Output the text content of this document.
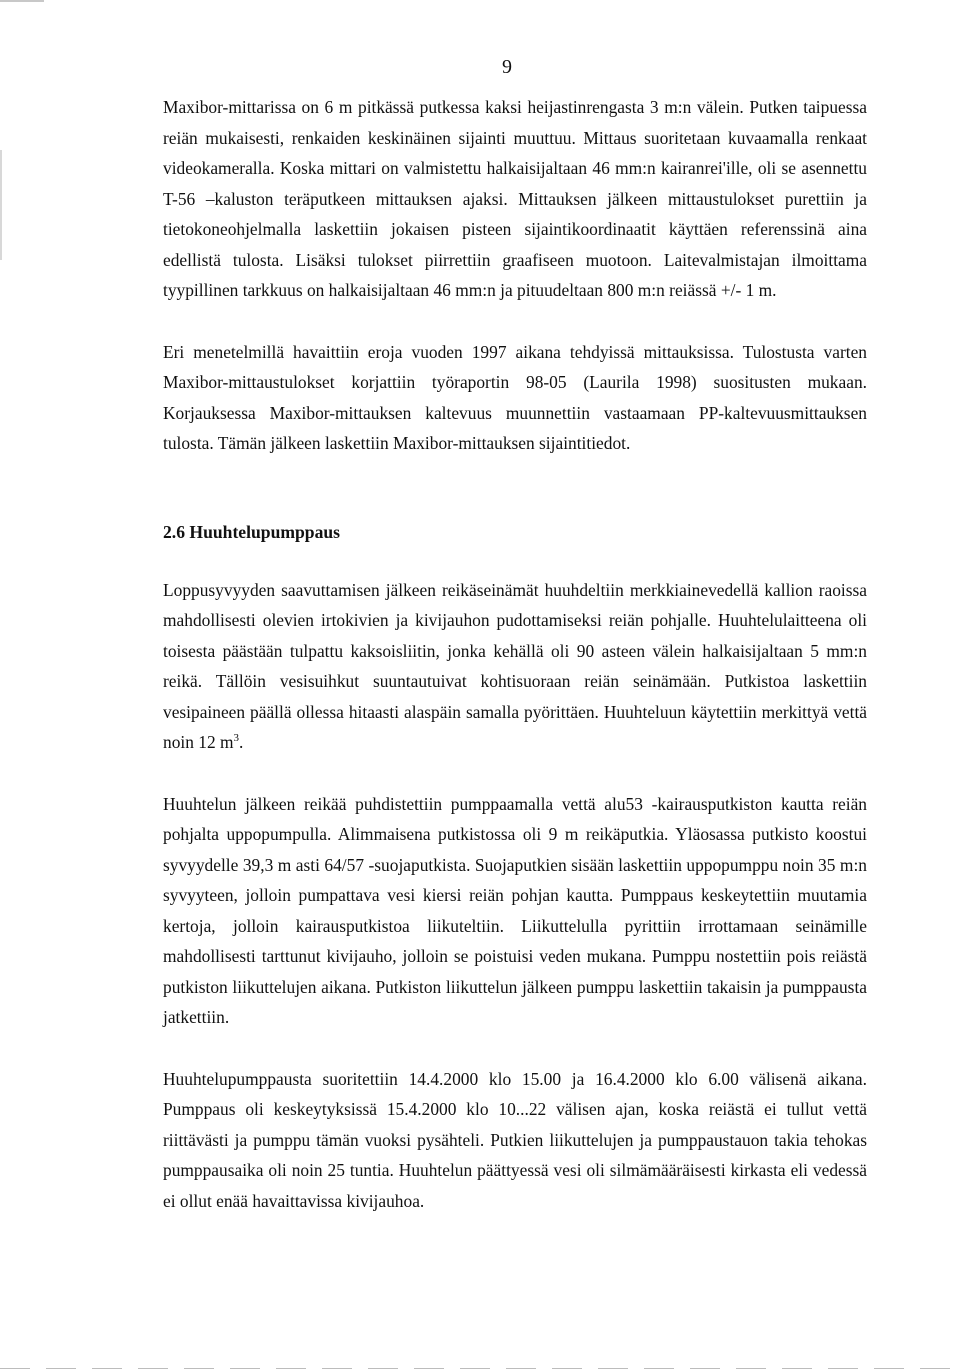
9

Maxibor-mittarissa on 6 m pitkässä putkessa kaksi heijastinrengasta 3 m:n välein. Putken taipuessa reiän mukaisesti, renkaiden keskinäinen sijainti muuttuu. Mittaus suoritetaan kuvaamalla renkaat videokameralla. Koska mittari on valmistettu halkaisijaltaan 46 mm:n kairanrei'ille, oli se asennettu T-56 –kaluston teräputkeen mittauksen ajaksi. Mittauksen jälkeen mittaustulokset purettiin ja tietokoneohjelmalla laskettiin jokaisen pisteen sijaintikoordinaatit käyttäen referenssinä aina edellistä tulosta. Lisäksi tulokset piirrettiin graafiseen muotoon. Laitevalmistajan ilmoittama tyypillinen tarkkuus on halkaisijaltaan 46 mm:n ja pituudeltaan 800 m:n reiässä +/- 1 m.

Eri menetelmillä havaittiin eroja vuoden 1997 aikana tehdyissä mittauksissa. Tulostusta varten Maxibor-mittaustulokset korjattiin työraportin 98-05 (Laurila 1998) suositusten mukaan. Korjauksessa Maxibor-mittauksen kaltevuus muunnettiin vastaamaan PP-kaltevuusmittauksen tulosta. Tämän jälkeen laskettiin Maxibor-mittauksen sijaintitiedot.

2.6 Huuhtelupumppaus

Loppusyvyyden saavuttamisen jälkeen reikäseinämät huuhdeltiin merkkiainevedellä kallion raoissa mahdollisesti olevien irtokivien ja kivijauhon pudottamiseksi reiän pohjalle. Huuhtelulaitteena oli toisesta päästään tulpattu kaksoisliitin, jonka kehällä oli 90 asteen välein halkaisijaltaan 5 mm:n reikä. Tällöin vesisuihkut suuntautuivat kohtisuoraan reiän seinämään. Putkistoa laskettiin vesipaineen päällä ollessa hitaasti alaspäin samalla pyörittäen. Huuhteluun käytettiin merkittyä vettä noin 12 $m^3$.

Huuhtelun jälkeen reikää puhdistettiin pumppaamalla vettä alu53 -kairausputkiston kautta reiän pohjalta uppopumpulla. Alimmaisena putkistossa oli 9 m reikäputkia. Yläosassa putkisto koostui syvyydelle 39,3 m asti 64/57 -suojaputkista. Suojaputkien sisään laskettiin uppopumppu noin 35 m:n syvyyteen, jolloin pumpattava vesi kiersi reiän pohjan kautta. Pumppaus keskeytettiin muutamia kertoja, jolloin kairausputkistoa liikuteltiin. Liikuttelulla pyrittiin irrottamaan seinämille mahdollisesti tarttunut kivijauho, jolloin se poistuisi veden mukana. Pumppu nostettiin pois reiästä putkiston liikuttelujen aikana. Putkiston liikuttelun jälkeen pumppu laskettiin takaisin ja pumppausta jatkettiin.

Huuhtelupumppausta suoritettiin 14.4.2000 klo 15.00 ja 16.4.2000 klo 6.00 välisenä aikana. Pumppaus oli keskeytyksissä 15.4.2000 klo 10...22 välisen ajan, koska reiästä ei tullut vettä riittävästi ja pumppu tämän vuoksi pysähteli. Putkien liikuttelujen ja pumppaustauon takia tehokas pumppausaika oli noin 25 tuntia. Huuhtelun päättyessä vesi oli silmämääräisesti kirkasta eli vedessä ei ollut enää havaittavissa kivijauhoa.
